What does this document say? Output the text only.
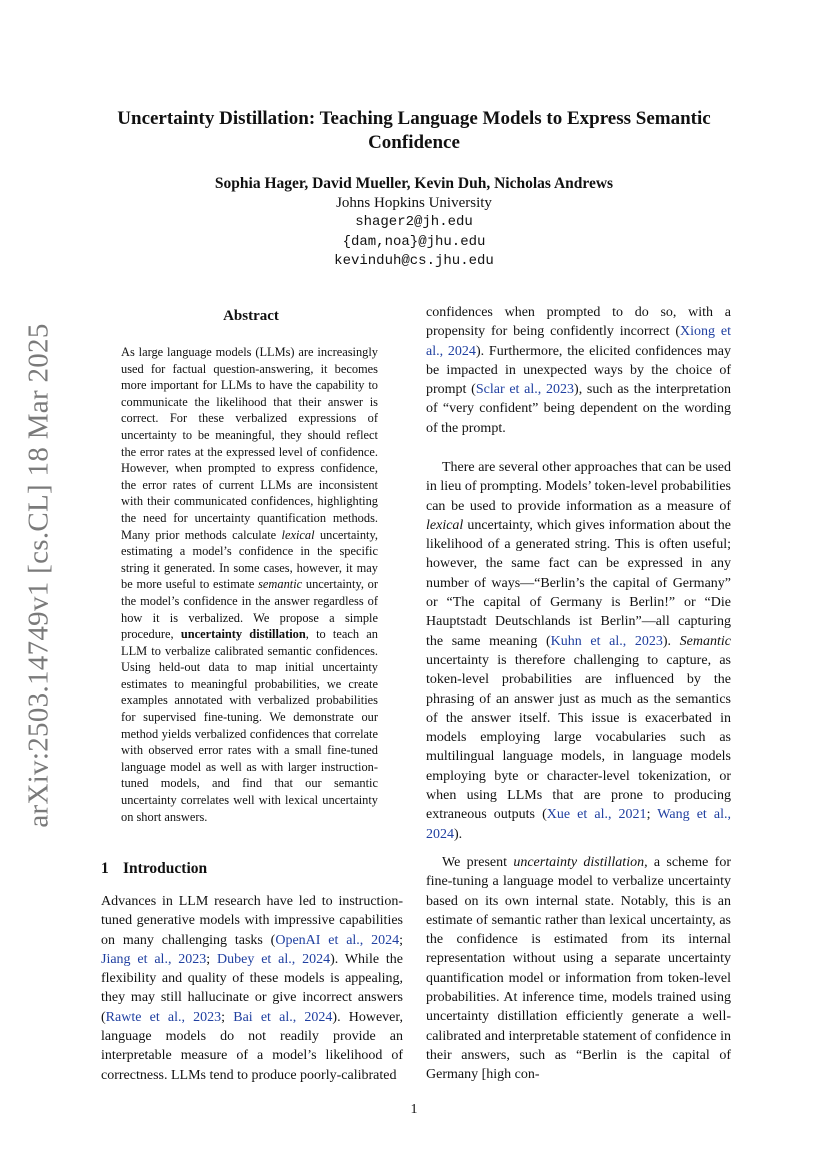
arXiv:2503.14749v1 [cs.CL] 18 Mar 2025
Uncertainty Distillation: Teaching Language Models to Express Semantic Confidence
Sophia Hager, David Mueller, Kevin Duh, Nicholas Andrews
Johns Hopkins University
shager2@jh.edu
{dam,noa}@jhu.edu
kevinduh@cs.jhu.edu
Abstract

As large language models (LLMs) are increasingly used for factual question-answering, it becomes more important for LLMs to have the capability to communicate the likelihood that their answer is correct. For these verbalized expressions of uncertainty to be meaningful, they should reflect the error rates at the expressed level of confidence. However, when prompted to express confidence, the error rates of current LLMs are inconsistent with their communicated confidences, highlighting the need for uncertainty quantification methods. Many prior methods calculate lexical uncertainty, estimating a model’s confidence in the specific string it generated. In some cases, however, it may be more useful to estimate semantic uncertainty, or the model’s confidence in the answer regardless of how it is verbalized. We propose a simple procedure, uncertainty distillation, to teach an LLM to verbalize calibrated semantic confidences. Using held-out data to map initial uncertainty estimates to meaningful probabilities, we create examples annotated with verbalized probabilities for supervised fine-tuning. We demonstrate our method yields verbalized confidences that correlate with observed error rates with a small fine-tuned language model as well as with larger instruction-tuned models, and find that our semantic uncertainty correlates well with lexical uncertainty on short answers.

1 Introduction

Advances in LLM research have led to instruction-tuned generative models with impressive capabilities on many challenging tasks (OpenAI et al., 2024; Jiang et al., 2023; Dubey et al., 2024). While the flexibility and quality of these models is appealing, they may still hallucinate or give incorrect answers (Rawte et al., 2023; Bai et al., 2024). However, language models do not readily provide an interpretable measure of a model’s likelihood of correctness. LLMs tend to produce poorly-calibrated

confidences when prompted to do so, with a propensity for being confidently incorrect (Xiong et al., 2024). Furthermore, the elicited confidences may be impacted in unexpected ways by the choice of prompt (Sclar et al., 2023), such as the interpretation of “very confident” being dependent on the wording of the prompt.

There are several other approaches that can be used in lieu of prompting. Models’ token-level probabilities can be used to provide information as a measure of lexical uncertainty, which gives information about the likelihood of a generated string. This is often useful; however, the same fact can be expressed in any number of ways—“Berlin’s the capital of Germany” or “The capital of Germany is Berlin!” or “Die Hauptstadt Deutschlands ist Berlin”—all capturing the same meaning (Kuhn et al., 2023). Semantic uncertainty is therefore challenging to capture, as token-level probabilities are influenced by the phrasing of an answer just as much as the semantics of the answer itself. This issue is exacerbated in models employing large vocabularies such as multilingual language models, in language models employing byte or character-level tokenization, or when using LLMs that are prone to producing extraneous outputs (Xue et al., 2021; Wang et al., 2024).

We present uncertainty distillation, a scheme for fine-tuning a language model to verbalize uncertainty based on its own internal state. Notably, this is an estimate of semantic rather than lexical uncertainty, as the confidence is estimated from its internal representation without using a separate uncertainty quantification model or information from token-level probabilities. At inference time, models trained using uncertainty distillation efficiently generate a well-calibrated and interpretable statement of confidence in their answers, such as “Berlin is the capital of Germany [high con-

1
